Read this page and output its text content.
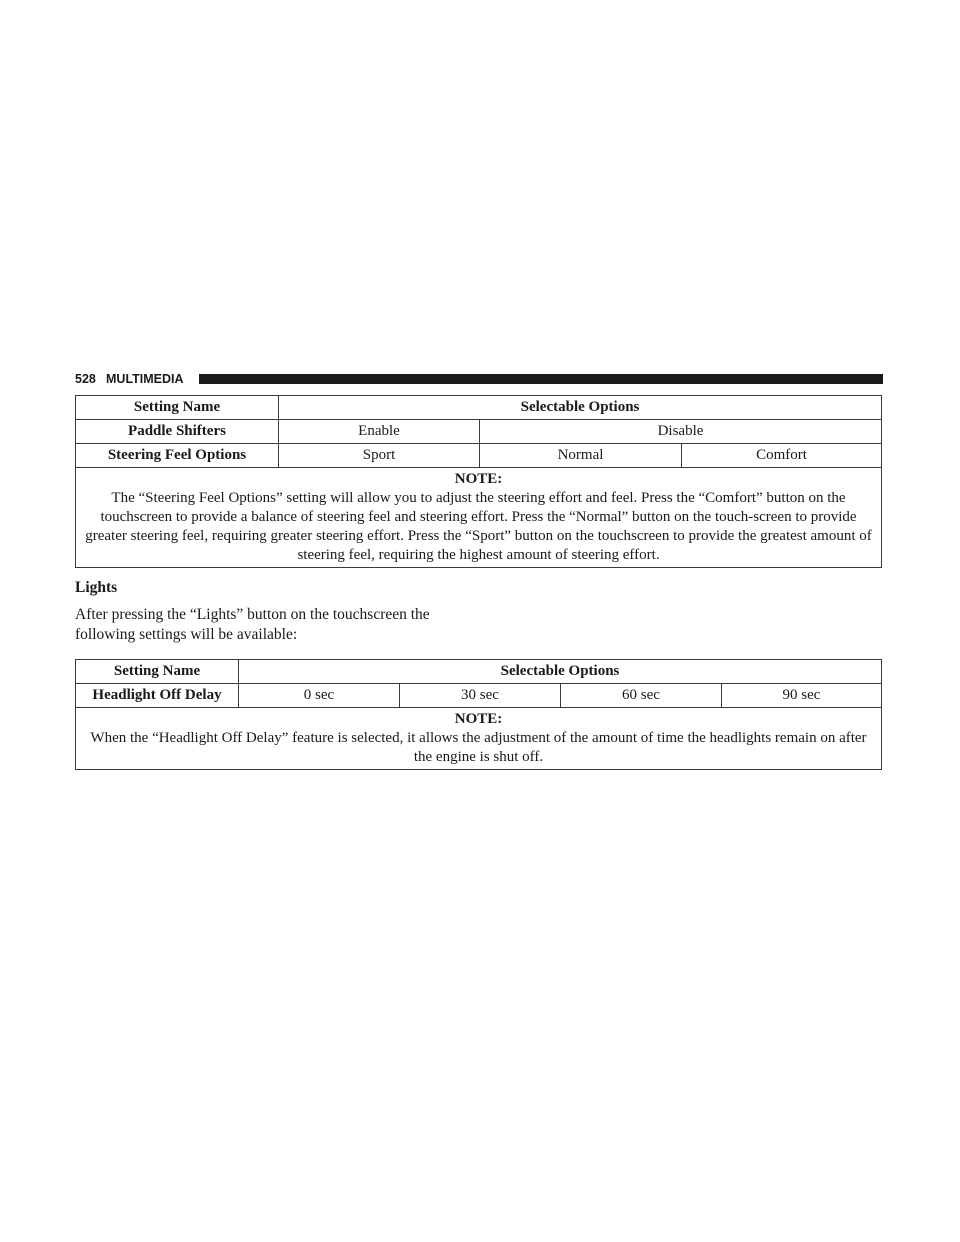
528 MULTIMEDIA
Setting Name	Selectable Options		
Paddle Shifters	Enable	Disable	
Steering Feel Options	Sport	Normal	Comfort

NOTE:
The “Steering Feel Options” setting will allow you to adjust the steering effort and feel. Press the “Comfort” button on the touchscreen to provide a balance of steering feel and steering effort. Press the “Normal” button on the touch-screen to provide greater steering feel, requiring greater steering effort. Press the “Sport” button on the touchscreen to provide the greatest amount of steering feel, requiring the highest amount of steering effort.			
Lights
After pressing the “Lights” button on the touchscreen the following settings will be available:
Setting Name	Selectable Options			
Headlight Off Delay	0 sec	30 sec	60 sec	90 sec

NOTE:
When the “Headlight Off Delay” feature is selected, it allows the adjustment of the amount of time the headlights remain on after the engine is shut off.				
